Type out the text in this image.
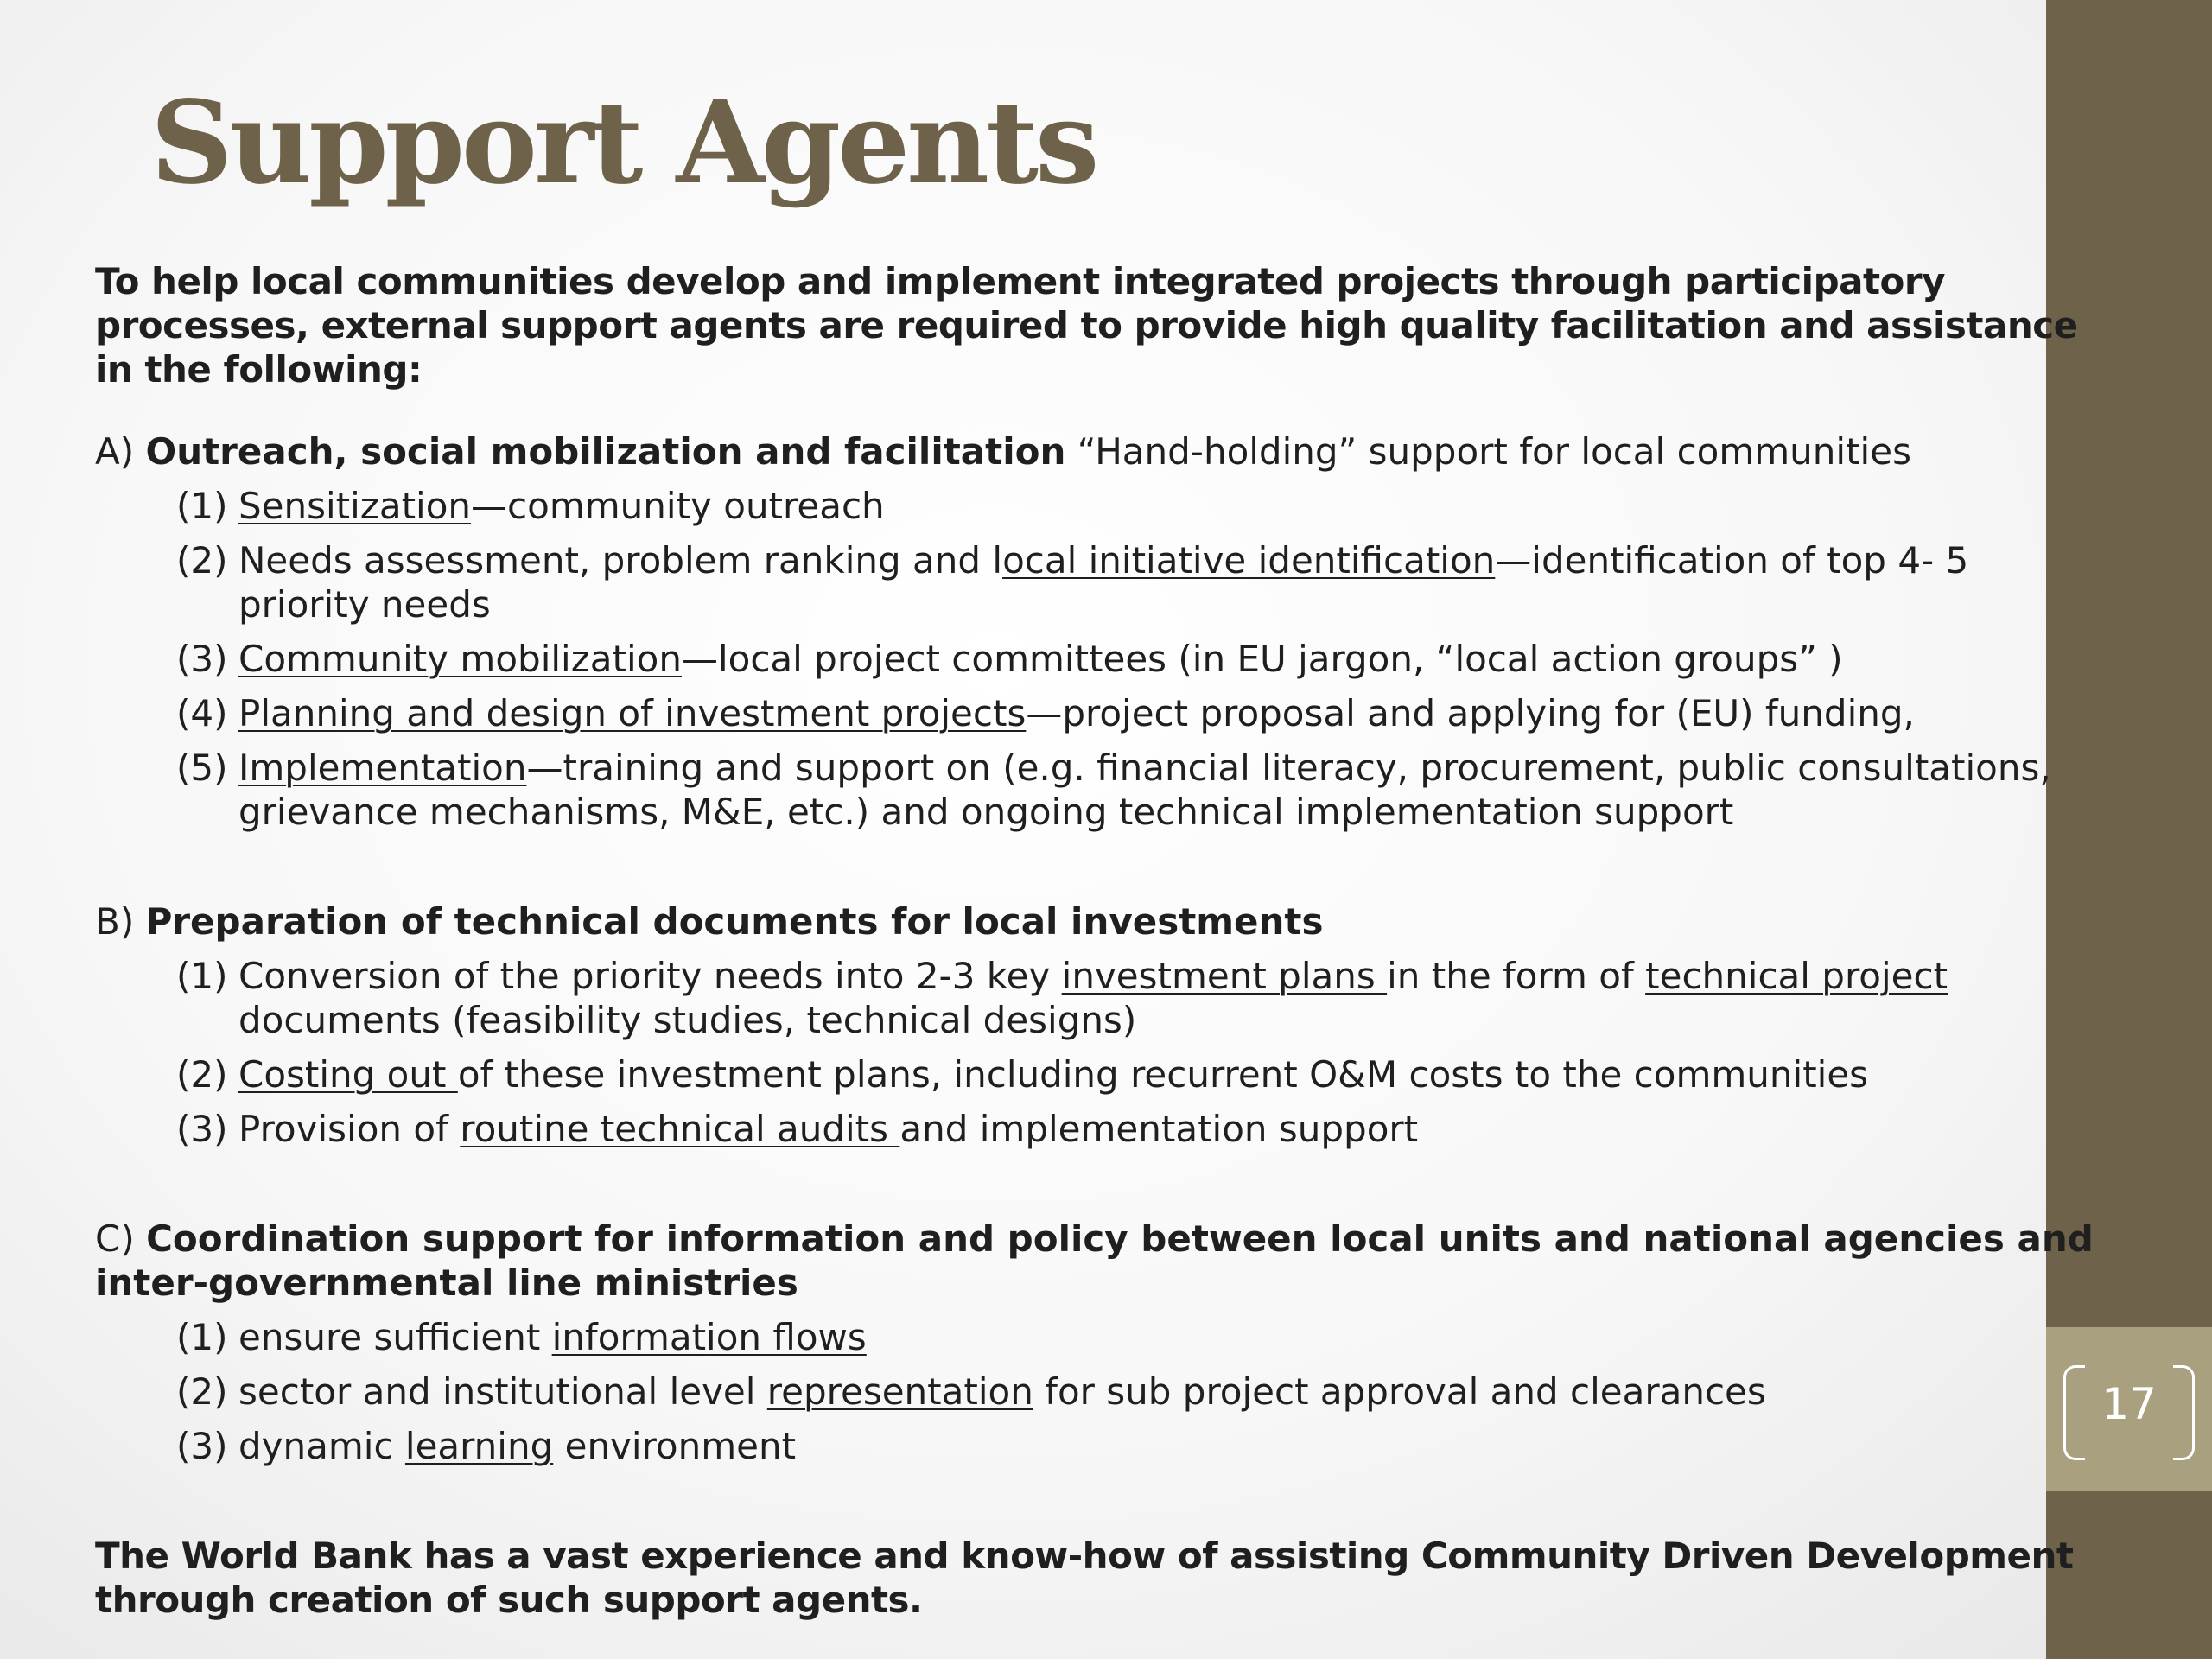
17
Support Agents

To help local communities develop and implement integrated projects through participatory processes, external support agents are required to provide high quality facilitation and assistance in the following:

A) Outreach, social mobilization and facilitation “Hand-holding” support for local communities

(1) Sensitization—community outreach

(2) Needs assessment, problem ranking and local initiative identification—identification of top 4- 5 priority needs

(3) Community mobilization—local project committees (in EU jargon, “local action groups” )

(4) Planning and design of investment projects—project proposal and applying for (EU) funding,

(5) Implementation—training and support on (e.g. financial literacy, procurement, public consultations, grievance mechanisms, M&E, etc.) and ongoing technical implementation support

B) Preparation of technical documents for local investments

(1) Conversion of the priority needs into 2-3 key investment plans in the form of technical project documents (feasibility studies, technical designs)

(2) Costing out of these investment plans, including recurrent O&M costs to the communities

(3) Provision of routine technical audits and implementation support

C) Coordination support for information and policy between local units and national agencies and inter-governmental line ministries

(1) ensure sufficient information flows

(2) sector and institutional level representation for sub project approval and clearances

(3) dynamic learning environment

The World Bank has a vast experience and know-how of assisting Community Driven Development through creation of such support agents.
